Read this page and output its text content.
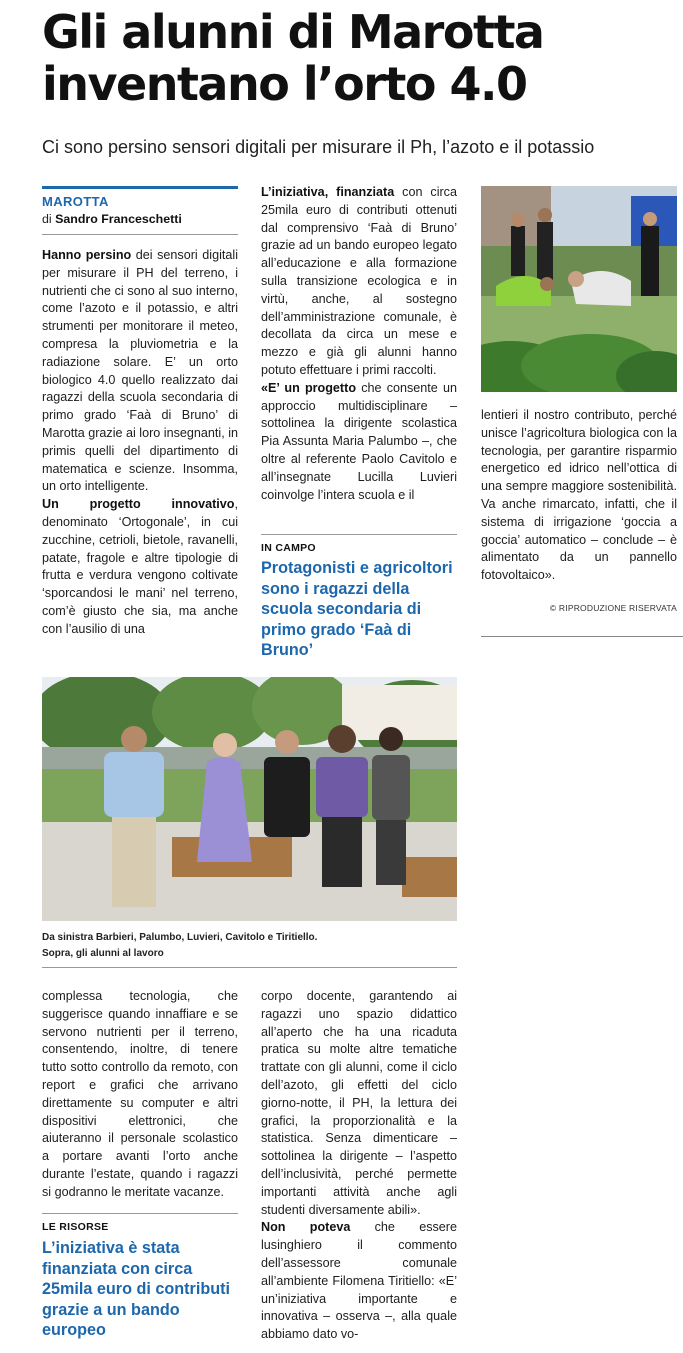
Gli alunni di Marotta
inventano l’orto 4.0

Ci sono persino sensori digitali per misurare il Ph, l’azoto e il potassio

MAROTTA
di Sandro Franceschetti

Hanno persino dei sensori digitali per misurare il PH del terreno, i nutrienti che ci sono al suo interno, come l’azoto e il potassio, e altri strumenti per monitorare il meteo, compresa la pluviometria e la radiazione solare. E’ un orto biologico 4.0 quello realizzato dai ragazzi della scuola secondaria di primo grado ‘Faà di Bruno’ di Marotta grazie ai loro insegnanti, in primis quelli del dipartimento di matematica e scienze. Insomma, un orto intelligente.

Un progetto innovativo, denominato ‘Ortogonale’, in cui zucchine, cetrioli, bietole, ravanelli, patate, fragole e altre tipologie di frutta e verdura vengono coltivate ‘sporcandosi le mani’ nel terreno, com’è giusto che sia, ma anche con l’ausilio di una

L’iniziativa, finanziata con circa 25mila euro di contributi ottenuti dal comprensivo ‘Faà di Bruno’ grazie ad un bando europeo legato all’educazione e alla formazione sulla transizione ecologica e in virtù, anche, al sostegno dell’amministrazione comunale, è decollata da circa un mese e mezzo e già gli alunni hanno potuto effettuare i primi raccolti.

«E’ un progetto che consente un approccio multidisciplinare – sottolinea la dirigente scolastica Pia Assunta Maria Palumbo –, che oltre al referente Paolo Cavitolo e all’insegnate Lucilla Luvieri coinvolge l’intera scuola e il

IN CAMPO

Protagonisti e agricoltori sono i ragazzi della scuola secondaria di primo grado ‘Faà di Bruno’

lentieri il nostro contributo, perché unisce l’agricoltura biologica con la tecnologia, per garantire risparmio energetico ed idrico nell’ottica di una sempre maggiore sostenibilità. Va anche rimarcato, infatti, che il sistema di irrigazione ‘goccia a goccia’ automatico – conclude – è alimentato da un pannello fotovoltaico».

© RIPRODUZIONE RISERVATA

Da sinistra Barbieri, Palumbo, Luvieri, Cavitolo e Tiritiello.

Sopra, gli alunni al lavoro

complessa tecnologia, che suggerisce quando innaffiare e se servono nutrienti per il terreno, consentendo, inoltre, di tenere tutto sotto controllo da remoto, con report e grafici che arrivano direttamente su computer e altri dispositivi elettronici, che aiuteranno il personale scolastico a portare avanti l’orto anche durante l’estate, quando i ragazzi si godranno le meritate vacanze.

LE RISORSE

L’iniziativa è stata finanziata con circa 25mila euro di contributi grazie a un bando europeo

corpo docente, garantendo ai ragazzi uno spazio didattico all’aperto che ha una ricaduta pratica su molte altre tematiche trattate con gli alunni, come il ciclo dell’azoto, gli effetti del ciclo giorno-notte, il PH, la lettura dei grafici, la proporzionalità e la statistica. Senza dimenticare – sottolinea la dirigente – l’aspetto dell’inclusività, perché permette importanti attività anche agli studenti diversamente abili».

Non poteva che essere lusinghiero il commento dell’assessore comunale all’ambiente Filomena Tiritiello: «E’ un’iniziativa importante e innovativa – osserva –, alla quale abbiamo dato vo-
